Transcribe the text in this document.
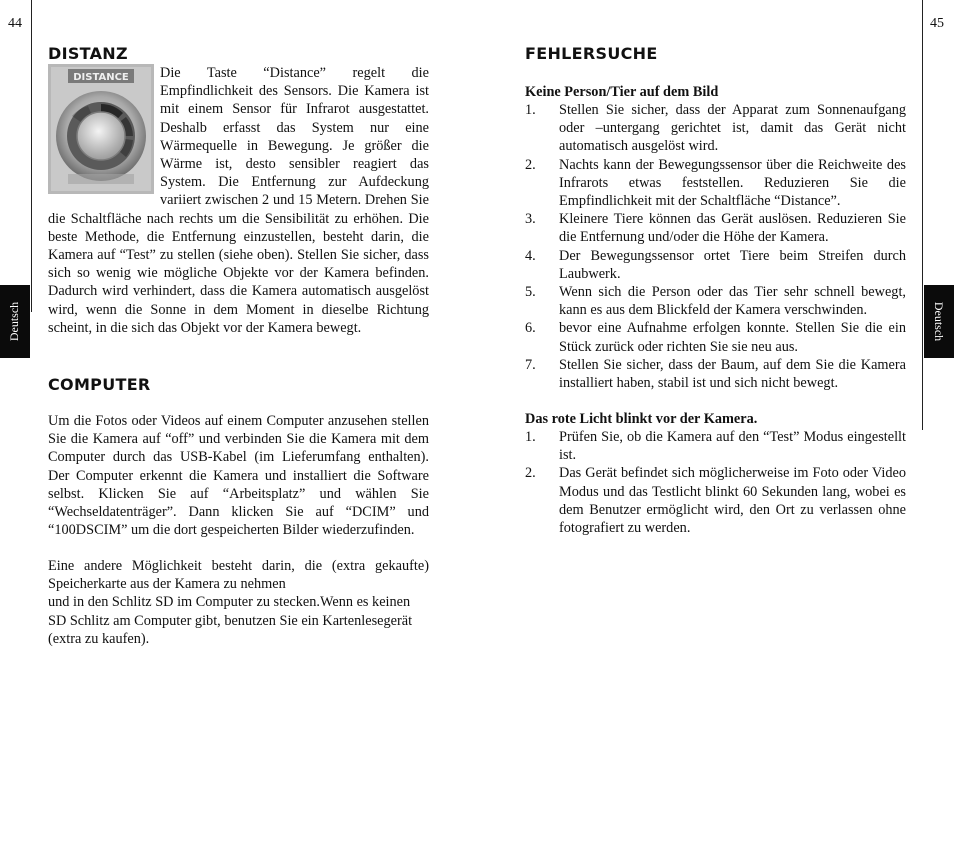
44	45
Deutsch	Deutsch
DISTANZ
DISTANCE	Die Taste “Distance” regelt die Empfindlichkeit des Sensors. Die Kamera ist mit einem Sensor für Infrarot ausgestattet. Deshalb erfasst das System nur eine Wärmequelle in Bewegung. Je größer die Wärme ist, desto sensibler reagiert das System. Die Entfernung zur Aufdeckung variiert zwischen 2 und 15 Metern. Drehen Sie die Schaltfläche nach rechts um die Sensibilität zu erhöhen. Die beste Methode, die Entfernung einzustellen, besteht darin, die Kamera auf “Test” zu stellen (siehe oben). Stellen Sie sicher, dass sich so wenig wie mögliche Objekte vor der Kamera befinden. Dadurch wird verhindert, dass die Kamera automatisch ausgelöst wird, wenn die Sonne in dem Moment in dieselbe Richtung scheint, in die sich das Objekt vor der Kamera bewegt.

COMPUTER

Um die Fotos oder Videos auf einem Computer anzusehen stellen Sie die Kamera auf “off” und verbinden Sie die Kamera mit dem Computer durch das USB-Kabel (im Lieferumfang enthalten). Der Computer erkennt die Kamera und installiert die Software selbst. Klicken Sie auf “Arbeitsplatz” und wählen Sie “Wechseldatenträger”. Dann klicken Sie auf “DCIM” und “100DSCIM” um die dort gespeicherten Bilder wiederzufinden.

Eine andere Möglichkeit besteht darin, die (extra gekaufte) Speicherkarte aus der Kamera zu nehmen

und in den Schlitz SD im Computer zu stecken.Wenn es keinen SD Schlitz am Computer gibt, benutzen Sie ein Kartenlesegerät (extra zu kaufen).

FEHLERSUCHE
Keine Person/Tier auf dem Bild
1.	Stellen Sie sicher, dass der Apparat zum Sonnenaufgang oder –untergang gerichtet ist, damit das Gerät nicht automatisch ausgelöst wird.
2.	Nachts kann der Bewegungssensor über die Reichweite des Infrarots etwas feststellen. Reduzieren Sie die Empfindlichkeit mit der Schaltfläche “Distance”.
3.	Kleinere Tiere können das Gerät auslösen. Reduzieren Sie die Entfernung und/oder die Höhe der Kamera.
4.	Der Bewegungssensor ortet Tiere beim Streifen durch Laubwerk.
5.	Wenn sich die Person oder das Tier sehr schnell bewegt, kann es aus dem Blickfeld der Kamera verschwinden.
6.	bevor eine Aufnahme erfolgen konnte. Stellen Sie die ein Stück zurück oder richten Sie sie neu aus.
7.	Stellen Sie sicher, dass der Baum, auf dem Sie die Kamera installiert haben, stabil ist und sich nicht bewegt.
Das rote Licht blinkt vor der Kamera.
1.	Prüfen Sie, ob die Kamera auf den “Test” Modus eingestellt ist.
2.	Das Gerät befindet sich möglicherweise im Foto oder Video Modus und das Testlicht blinkt 60 Sekunden lang, wobei es dem Benutzer ermöglicht wird, den Ort zu verlassen ohne fotografiert zu werden.
